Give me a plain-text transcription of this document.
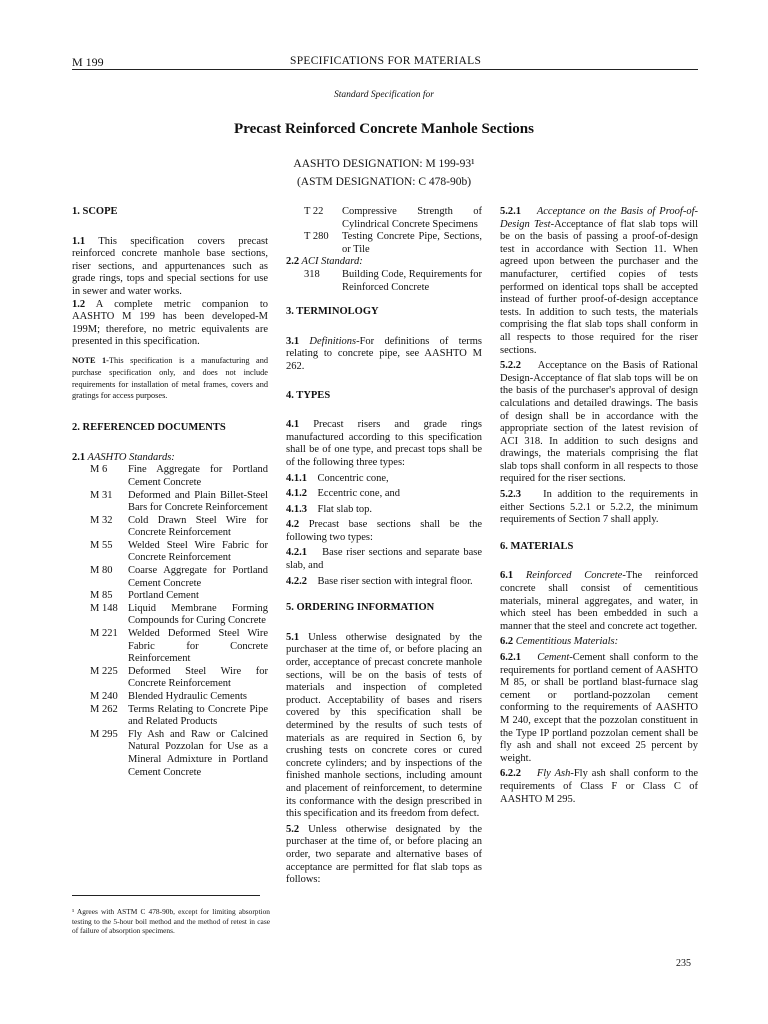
M 199	SPECIFICATIONS FOR MATERIALS
Standard Specification for
Precast Reinforced Concrete Manhole Sections
AASHTO DESIGNATION: M 199-93¹
(ASTM DESIGNATION: C 478-90b)

1. SCOPE

1.1 This specification covers precast reinforced concrete manhole base sections, riser sections, and appurtenances such as grade rings, tops and special sections for use in sewer and water works.

1.2 A complete metric companion to AASHTO M 199 has been developed-M 199M; therefore, no metric equivalents are presented in this specification.

NOTE 1-This specification is a manufacturing and purchase specification only, and does not include requirements for installation of metal frames, covers and gratings for access purposes.

2. REFERENCED DOCUMENTS

2.1 AASHTO Standards:

M 6	Fine Aggregate for Portland Cement Concrete
M 31	Deformed and Plain Billet-Steel Bars for Concrete Reinforcement
M 32	Cold Drawn Steel Wire for Concrete Reinforcement
M 55	Welded Steel Wire Fabric for Concrete Reinforcement
M 80	Coarse Aggregate for Portland Cement Concrete
M 85	Portland Cement
M 148 Liquid Membrane Forming Compounds for Curing Concrete
M 221 Welded Deformed Steel Wire Fabric for Concrete Reinforcement
M 225 Deformed Steel Wire for Concrete Reinforcement
M 240 Blended Hydraulic Cements
M 262 Terms Relating to Concrete Pipe and Related Products
M 295 Fly Ash and Raw or Calcined Natural Pozzolan for Use as a Mineral Admixture in Portland Cement Concrete
¹ Agrees with ASTM C 478-90b, except for limiting absorption testing to the 5-hour boil method and the method of retest in case of failure of absorption specimens.
T 22	Compressive Strength of Cylindrical Concrete Specimens
T 280	Testing Concrete Pipe, Sections, or Tile

2.2 ACI Standard:

318	Building Code, Requirements for Reinforced Concrete

3. TERMINOLOGY

3.1 Definitions-For definitions of terms relating to concrete pipe, see AASHTO M 262.

4. TYPES

4.1 Precast risers and grade rings manufactured according to this specification shall be of one type, and precast tops shall be of the following three types:

4.1.1 Concentric cone,

4.1.2 Eccentric cone, and

4.1.3 Flat slab top.

4.2 Precast base sections shall be the following two types:

4.2.1 Base riser sections and separate base slab, and

4.2.2 Base riser section with integral floor.

5. ORDERING INFORMATION

5.1 Unless otherwise designated by the purchaser at the time of, or before placing an order, acceptance of precast concrete manhole sections, will be on the basis of tests of materials and inspection of completed product. Acceptability of bases and risers covered by this specification shall be determined by the results of such tests of materials as are required in Section 6, by crushing tests on concrete cores or cured concrete cylinders; and by inspections of the finished manhole sections, including amount and placement of reinforcement, to determine its conformance with the design prescribed in this specification and its freedom from defect.

5.2 Unless otherwise designated by the purchaser at the time of, or before placing an order, two separate and alternative bases of acceptance are permitted for flat slab tops as follows:

5.2.1 Acceptance on the Basis of Proof-of-Design Test-Acceptance of flat slab tops will be on the basis of passing a proof-of-design test in accordance with Section 11. When agreed upon between the purchaser and the manufacturer, certified copies of tests performed on identical tops shall be accepted instead of further proof-of-design acceptance tests. In addition to such tests, the materials comprising the flat slab tops shall conform in all respects to those required for the riser sections.

5.2.2 Acceptance on the Basis of Rational Design-Acceptance of flat slab tops will be on the basis of the purchaser's approval of design calculations and detailed drawings. The basis of design shall be in accordance with the appropriate section of the latest revision of ACI 318. In addition to such designs and drawings, the materials comprising the flat slab tops shall conform in all respects to those required for the riser sections.

5.2.3 In addition to the requirements in either Sections 5.2.1 or 5.2.2, the minimum requirements of Section 7 shall apply.

6. MATERIALS

6.1 Reinforced Concrete-The reinforced concrete shall consist of cementitious materials, mineral aggregates, and water, in which steel has been embedded in such a manner that the steel and concrete act together.

6.2 Cementitious Materials:

6.2.1 Cement-Cement shall conform to the requirements for portland cement of AASHTO M 85, or shall be portland blast-furnace slag cement or portland-pozzolan cement conforming to the requirements of AASHTO M 240, except that the pozzolan constituent in the Type IP portland pozzolan cement shall be fly ash and shall not exceed 25 percent by weight.

6.2.2 Fly Ash-Fly ash shall conform to the requirements of Class F or Class C of AASHTO M 295.

235
